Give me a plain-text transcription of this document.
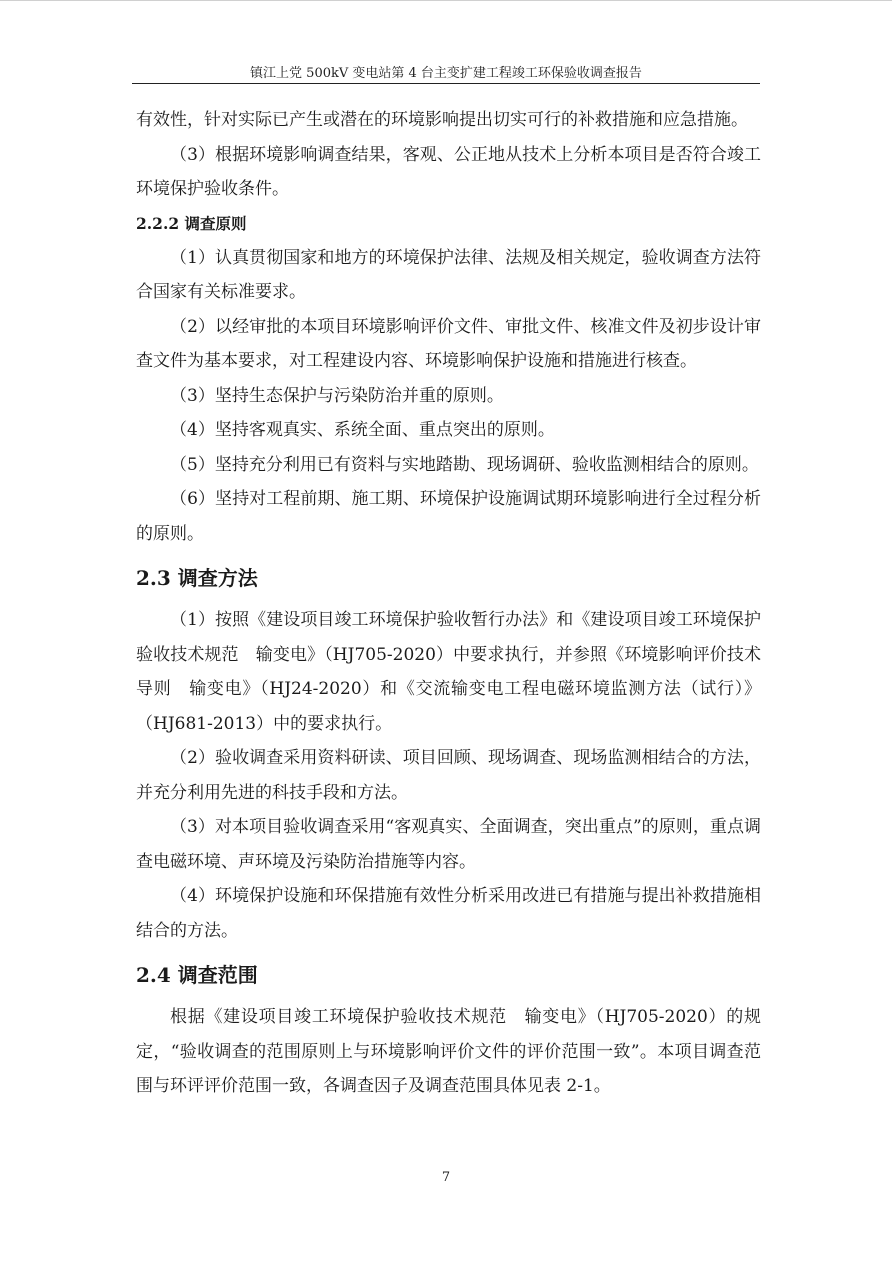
镇江上党 500kV 变电站第 4 台主变扩建工程竣工环保验收调查报告

有效性，针对实际已产生或潜在的环境影响提出切实可行的补救措施和应急措施。

（3）根据环境影响调查结果，客观、公正地从技术上分析本项目是否符合竣工环境保护验收条件。

2.2.2 调查原则

（1）认真贯彻国家和地方的环境保护法律、法规及相关规定，验收调查方法符合国家有关标准要求。

（2）以经审批的本项目环境影响评价文件、审批文件、核准文件及初步设计审查文件为基本要求，对工程建设内容、环境影响保护设施和措施进行核查。

（3）坚持生态保护与污染防治并重的原则。

（4）坚持客观真实、系统全面、重点突出的原则。

（5）坚持充分利用已有资料与实地踏勘、现场调研、验收监测相结合的原则。

（6）坚持对工程前期、施工期、环境保护设施调试期环境影响进行全过程分析的原则。

2.3 调查方法

（1）按照《建设项目竣工环境保护验收暂行办法》和《建设项目竣工环境保护验收技术规范　输变电》（HJ705-2020）中要求执行，并参照《环境影响评价技术导则　输变电》（HJ24-2020）和《交流输变电工程电磁环境监测方法（试行）》（HJ681-2013）中的要求执行。

（2）验收调查采用资料研读、项目回顾、现场调查、现场监测相结合的方法，并充分利用先进的科技手段和方法。

（3）对本项目验收调查采用“客观真实、全面调查，突出重点”的原则，重点调查电磁环境、声环境及污染防治措施等内容。

（4）环境保护设施和环保措施有效性分析采用改进已有措施与提出补救措施相结合的方法。

2.4 调查范围

根据《建设项目竣工环境保护验收技术规范　输变电》（HJ705-2020）的规定，“验收调查的范围原则上与环境影响评价文件的评价范围一致”。本项目调查范围与环评评价范围一致，各调查因子及调查范围具体见表 2-1。

7
